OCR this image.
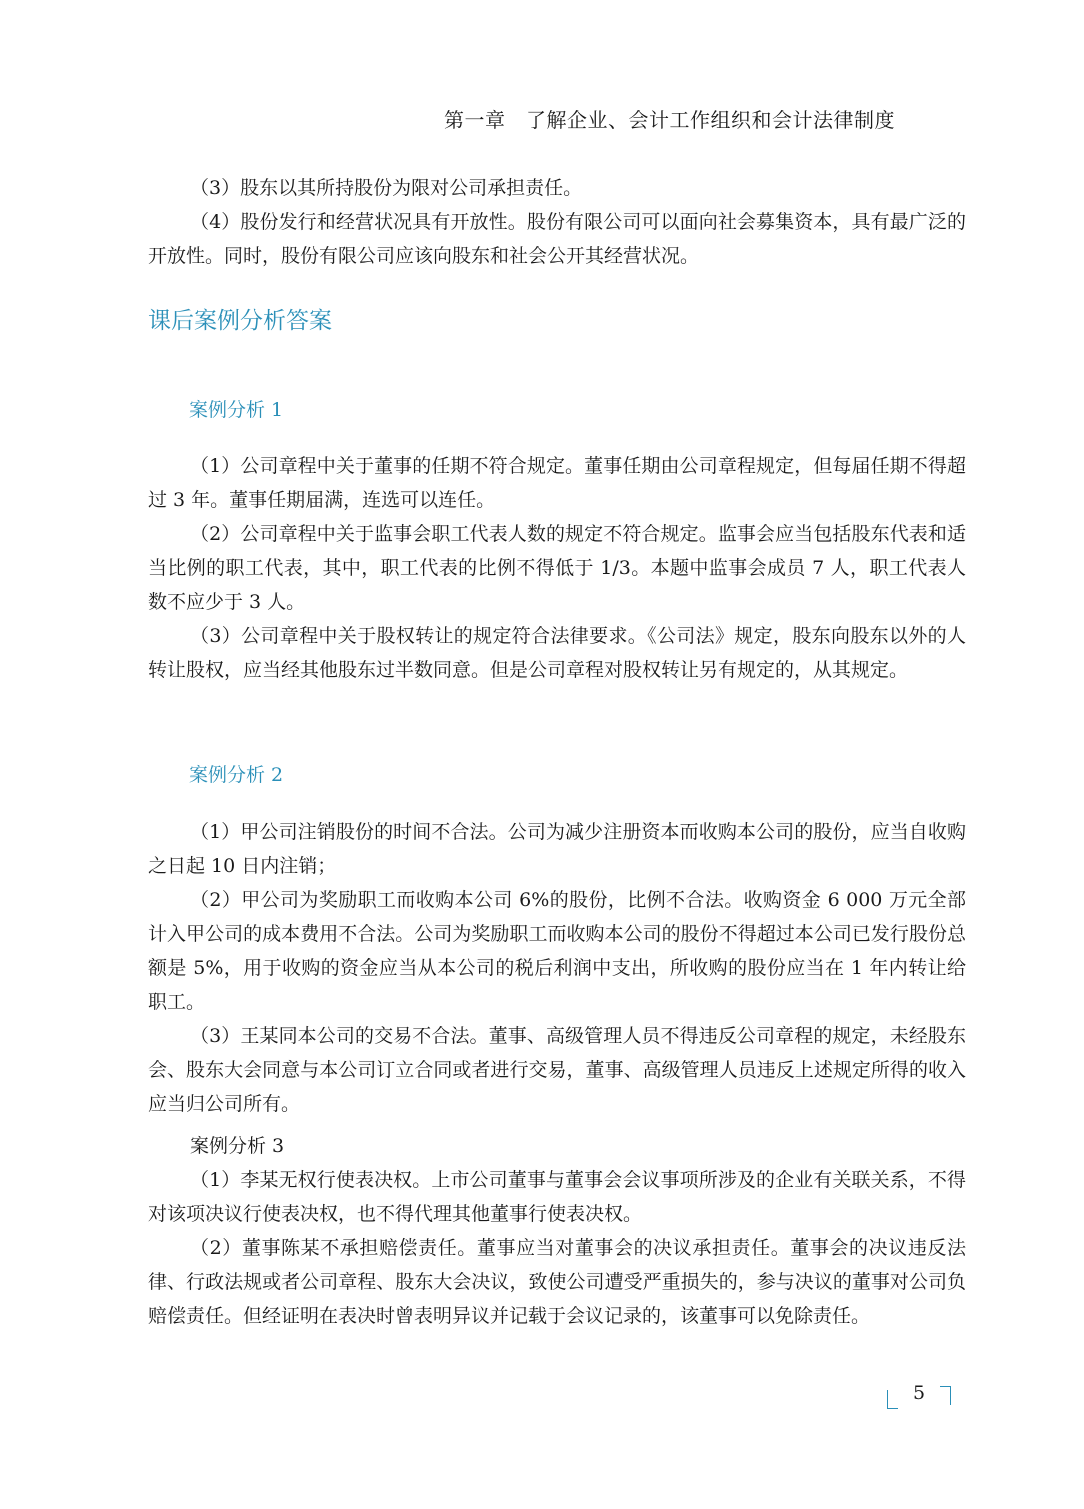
第一章　了解企业、会计工作组织和会计法律制度

（3）股东以其所持股份为限对公司承担责任。

（4）股份发行和经营状况具有开放性。股份有限公司可以面向社会募集资本，具有最广泛的开放性。同时，股份有限公司应该向股东和社会公开其经营状况。

课后案例分析答案
案例分析 1

（1）公司章程中关于董事的任期不符合规定。董事任期由公司章程规定，但每届任期不得超过 3 年。董事任期届满，连选可以连任。

（2）公司章程中关于监事会职工代表人数的规定不符合规定。监事会应当包括股东代表和适当比例的职工代表，其中，职工代表的比例不得低于 1/3。本题中监事会成员 7 人，职工代表人数不应少于 3 人。

（3）公司章程中关于股权转让的规定符合法律要求。《公司法》规定，股东向股东以外的人转让股权，应当经其他股东过半数同意。但是公司章程对股权转让另有规定的，从其规定。

案例分析 2

（1）甲公司注销股份的时间不合法。公司为减少注册资本而收购本公司的股份，应当自收购之日起 10 日内注销；

（2）甲公司为奖励职工而收购本公司 6%的股份，比例不合法。收购资金 6 000 万元全部计入甲公司的成本费用不合法。公司为奖励职工而收购本公司的股份不得超过本公司已发行股份总额是 5%，用于收购的资金应当从本公司的税后利润中支出，所收购的股份应当在 1 年内转让给职工。

（3）王某同本公司的交易不合法。董事、高级管理人员不得违反公司章程的规定，未经股东会、股东大会同意与本公司订立合同或者进行交易，董事、高级管理人员违反上述规定所得的收入应当归公司所有。

案例分析 3

（1）李某无权行使表决权。上市公司董事与董事会会议事项所涉及的企业有关联关系，不得对该项决议行使表决权，也不得代理其他董事行使表决权。

（2）董事陈某不承担赔偿责任。董事应当对董事会的决议承担责任。董事会的决议违反法律、行政法规或者公司章程、股东大会决议，致使公司遭受严重损失的，参与决议的董事对公司负赔偿责任。但经证明在表决时曾表明异议并记载于会议记录的，该董事可以免除责任。

5
